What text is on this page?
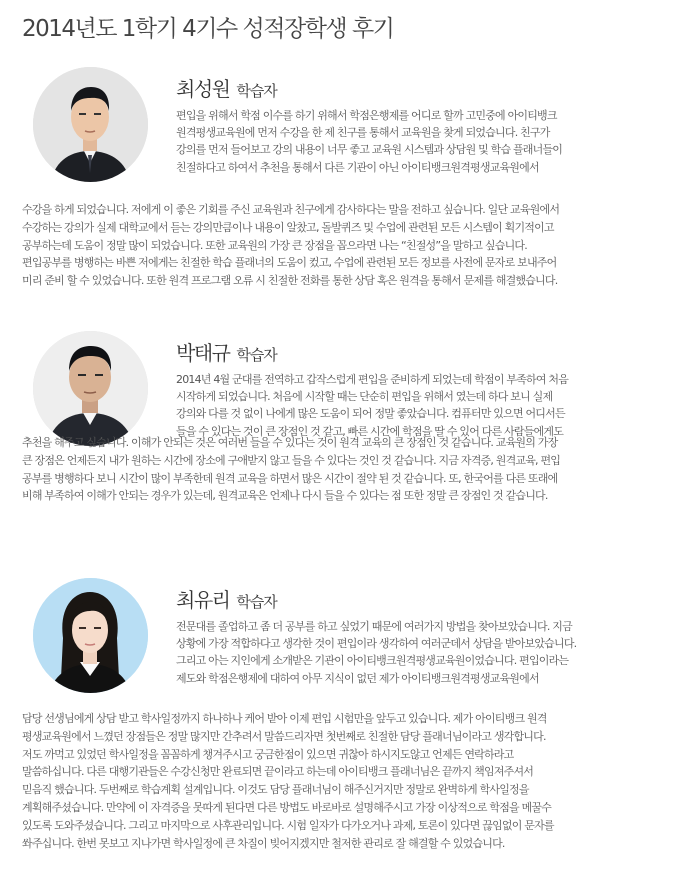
2014년도 1학기 4기수 성적장학생 후기
최성원 학습자

편입을 위해서 학점 이수를 하기 위해서 학점은행제를 어디로 할까 고민중에 아이티뱅크
원격평생교육원에 먼저 수강을 한 제 친구를 통해서 교육원을 찾게 되었습니다. 친구가
강의를 먼저 들어보고 강의 내용이 너무 좋고 교육원 시스템과 상담원 및 학습 플래너들이
친절하다고 하여서 추천을 통해서 다른 기관이 아닌 아이티뱅크원격평생교육원에서

수강을 하게 되었습니다. 저에게 이 좋은 기회를 주신 교육원과 친구에게 감사하다는 말을 전하고 싶습니다. 일단 교육원에서
수강하는 강의가 실제 대학교에서 듣는 강의만큼이나 내용이 알찼고, 돌발퀴즈 및 수업에 관련된 모든 시스템이 획기적이고
공부하는데 도움이 정말 많이 되었습니다. 또한 교육원의 가장 큰 장점을 꼽으라면 나는 “친절성”을 말하고 싶습니다.
편입공부를 병행하는 바쁜 저에게는 친절한 학습 플래너의 도움이 컸고, 수업에 관련된 모든 정보를 사전에 문자로 보내주어
미리 준비 할 수 있었습니다. 또한 원격 프로그램 오류 시 친절한 전화를 통한 상담 혹은 원격을 통해서 문제를 해결했습니다.

박태규 학습자

2014년 4월 군대를 전역하고 갑작스럽게 편입을 준비하게 되었는데 학점이 부족하여 처음
시작하게 되었습니다. 처음에 시작할 때는 단순히 편입을 위해서 였는데 하다 보니 실제
강의와 다를 것 없이 나에게 많은 도움이 되어 정말 좋았습니다. 컴퓨터만 있으면 어디서든
들을 수 있다는 것이 큰 장점인 것 같고, 빠른 시간에 학점을 딸 수 있어 다른 사람들에게도

추천을 해주고 싶습니다. 이해가 안되는 것은 여러번 들을 수 있다는 것이 원격 교육의 큰 장점인 것 같습니다. 교육원의 가장
큰 장점은 언제든지 내가 원하는 시간에 장소에 구애받지 않고 들을 수 있다는 것인 것 같습니다. 지금 자격증, 원격교육, 편입
공부를 병행하다 보니 시간이 많이 부족한데 원격 교육을 하면서 많은 시간이 절약 된 것 같습니다. 또, 한국어를 다른 또래에
비해 부족하여 이해가 안되는 경우가 있는데, 원격교육은 언제나 다시 들을 수 있다는 점 또한 정말 큰 장점인 것 같습니다.

최유리 학습자

전문대를 졸업하고 좀 더 공부를 하고 싶었기 때문에 여러가지 방법을 찾아보았습니다. 지금
상황에 가장 적합하다고 생각한 것이 편입이라 생각하여 여러군데서 상담을 받아보았습니다.
그리고 아는 지인에게 소개받은 기관이 아이티뱅크원격평생교육원이었습니다. 편입이라는
제도와 학점은행제에 대하여 아무 지식이 없던 제가 아이티뱅크원격평생교육원에서

담당 선생님에게 상담 받고 학사일정까지 하나하나 케어 받아 이제 편입 시험만을 앞두고 있습니다. 제가 아이티뱅크 원격
평생교육원에서 느꼈던 장점들은 정말 많지만 간추려서 말씀드리자면 첫번째로 친절한 담당 플래너님이라고 생각합니다.
저도 까먹고 있었던 학사일정을 꼼꼼하게 챙겨주시고 궁금한점이 있으면 귀찮아 하시지도않고 언제든 연락하라고
말씀하십니다. 다른 대행기관들은 수강신청만 완료되면 끝이라고 하는데 아이티뱅크 플래너님은 끝까지 책임져주셔서
믿음직 했습니다. 두번째로 학습계획 설계입니다. 이것도 담당 플래너님이 해주신거지만 정말로 완벽하게 학사일정을
계획해주셨습니다. 만약에 이 자격증을 못따게 된다면 다른 방법도 바로바로 설명해주시고 가장 이상적으로 학점을 메꿀수
있도록 도와주셨습니다. 그리고 마지막으로 사후관리입니다. 시험 일자가 다가오거나 과제, 토론이 있다면 끊임없이 문자를
쏴주십니다. 한번 못보고 지나가면 학사일정에 큰 차질이 빚어지겠지만 철저한 관리로 잘 해결할 수 있었습니다.
